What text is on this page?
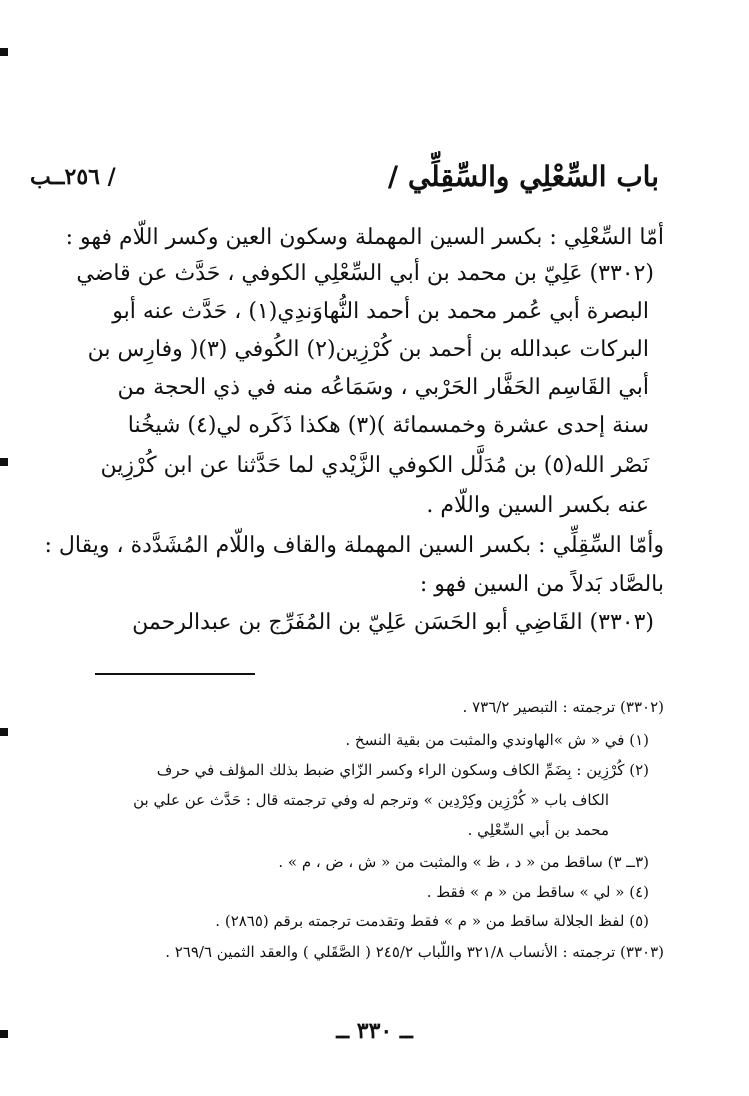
باب السِّعْلِي والسِّقِلِّي /
/ ٢٥٦ــب
أمّا السِّعْلِي : بكسر السين المهملة وسكون العين وكسر اللّام فهو :
(٣٣٠٢) عَلِيّ بن محمد بن أبي السِّعْلِي الكوفي ، حَدَّث عن قاضي
البصرة أبي عُمر محمد بن أحمد النُّهاوَندِي(١) ، حَدَّث عنه أبو
البركات عبدالله بن أحمد بن كُرْزِين(٢) الكُوفي (٣)( وفارِس بن
أبي القَاسِم الحَفَّار الحَرْبي ، وسَمَاعُه منه في ذي الحجة من
سنة إحدى عشرة وخمسمائة )(٣) هكذا ذَكَره لي(٤) شيخُنا
نَصْر الله(٥) بن مُدَلَّل الكوفي الزَّيْدي لما حَدَّثنا عن ابن كُرْزِين
عنه بكسر السين واللّام .
وأمّا السِّقِلِّي : بكسر السين المهملة والقاف واللّام المُشَدَّدة ، ويقال :
بالصَّاد بَدلاً من السين فهو :
(٣٣٠٣) القَاضِي أبو الحَسَن عَلِيّ بن المُفَرِّج بن عبدالرحمن
(٣٣٠٢) ترجمته : التبصير ٧٣٦/٢ .
(١) في « ش »الهاوندي والمثبت من بقية النسخ .
(٢) كُرْزِين : بِضَمِّ الكاف وسكون الراء وكسر الزّاي ضبط بذلك المؤلف في حرف
الكاف باب « كُرْزِين وكِرْدِين » وترجم له وفي ترجمته قال : حَدَّث عن علي بن
محمد بن أبي السِّعْلِي .
(٣ــ ٣) ساقط من « د ، ظ » والمثبت من « ش ، ض ، م » .
(٤) « لي » ساقط من « م » فقط .
(٥) لفظ الجلالة ساقط من « م » فقط وتقدمت ترجمته برقم (٢٨٦٥) .
(٣٣٠٣) ترجمته : الأنساب ٣٢١/٨ واللّباب ٢٤٥/٢ ( الصَّقَلي ) والعقد الثمين ٢٦٩/٦ .
ــ ٣٣٠ ــ
